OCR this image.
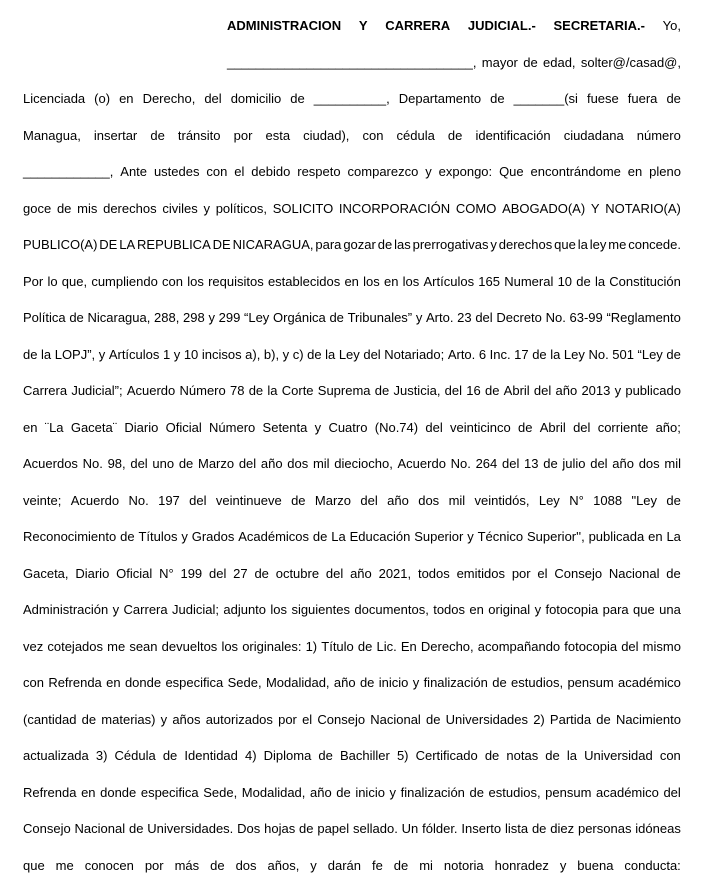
ADMINISTRACION Y CARRERA JUDICIAL.- SECRETARIA.- Yo,
__________________________________, mayor de edad, solter@/casad@,
Licenciada (o) en Derecho, del domicilio de __________, Departamento de _______(si fuese fuera de
Managua, insertar de tránsito por esta ciudad), con cédula de identificación ciudadana número
____________, Ante ustedes con el debido respeto comparezco y expongo: Que encontrándome en pleno
goce de mis derechos civiles y políticos, SOLICITO INCORPORACIÓN COMO ABOGADO(A) Y NOTARIO(A)
PUBLICO(A) DE LA REPUBLICA DE NICARAGUA, para gozar de las prerrogativas y derechos que la ley me concede.
Por lo que, cumpliendo con los requisitos establecidos en los en los Artículos 165 Numeral 10 de la Constitución
Política de Nicaragua, 288, 298 y 299 “Ley Orgánica de Tribunales” y Arto. 23 del Decreto No. 63-99 “Reglamento
de la LOPJ”, y Artículos 1 y 10 incisos a), b), y c) de la Ley del Notariado; Arto. 6 Inc. 17 de la Ley No. 501 “Ley de
Carrera Judicial”; Acuerdo Número 78 de la Corte Suprema de Justicia, del 16 de Abril del año 2013 y publicado
en ¨La Gaceta¨ Diario Oficial Número Setenta y Cuatro (No.74) del veinticinco de Abril del corriente año;
Acuerdos No. 98, del uno de Marzo del año dos mil dieciocho, Acuerdo No. 264 del 13 de julio del año dos mil
veinte; Acuerdo No. 197 del veintinueve de Marzo del año dos mil veintidós, Ley N° 1088 "Ley de
Reconocimiento de Títulos y Grados Académicos de La Educación Superior y Técnico Superior'', publicada en La
Gaceta, Diario Oficial N° 199 del 27 de octubre del año 2021, todos emitidos por el Consejo Nacional de
Administración y Carrera Judicial; adjunto los siguientes documentos, todos en original y fotocopia para que una
vez cotejados me sean devueltos los originales: 1) Título de Lic. En Derecho, acompañando fotocopia del mismo
con Refrenda en donde especifica Sede, Modalidad, año de inicio y finalización de estudios, pensum académico
(cantidad de materias) y años autorizados por el Consejo Nacional de Universidades 2) Partida de Nacimiento
actualizada 3) Cédula de Identidad 4) Diploma de Bachiller 5) Certificado de notas de la Universidad con
Refrenda en donde especifica Sede, Modalidad, año de inicio y finalización de estudios, pensum académico del
Consejo Nacional de Universidades. Dos hojas de papel sellado. Un fólder. Inserto lista de diez personas idóneas
que me conocen por más de dos años, y darán fe de mi notoria honradez y buena conducta:
